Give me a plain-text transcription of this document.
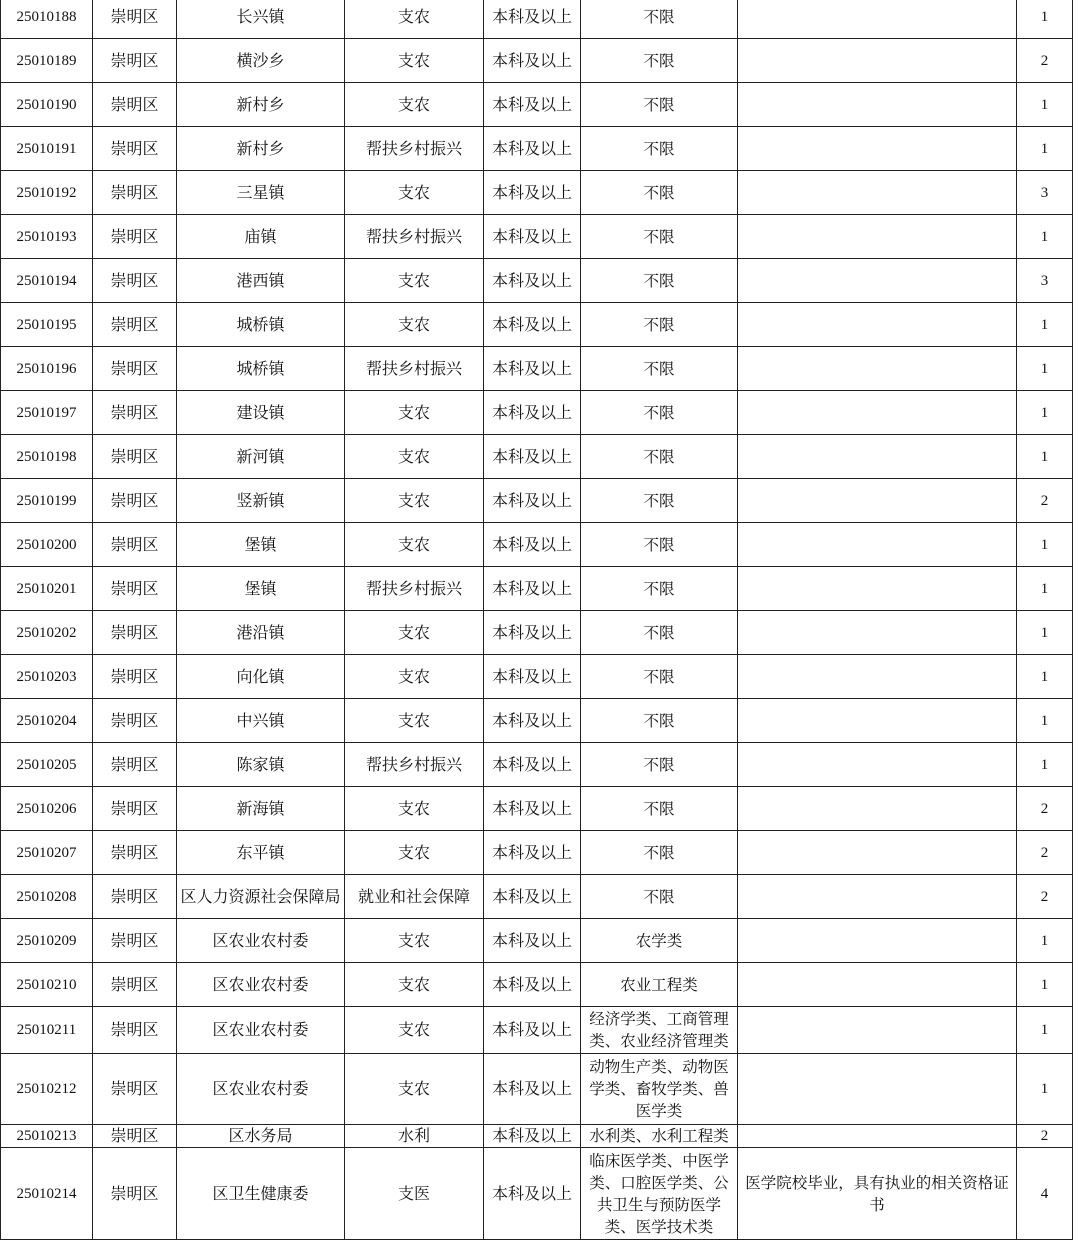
25010188	崇明区	长兴镇	支农	本科及以上	不限		1
25010189	崇明区	横沙乡	支农	本科及以上	不限		2
25010190	崇明区	新村乡	支农	本科及以上	不限		1
25010191	崇明区	新村乡	帮扶乡村振兴	本科及以上	不限		1
25010192	崇明区	三星镇	支农	本科及以上	不限		3
25010193	崇明区	庙镇	帮扶乡村振兴	本科及以上	不限		1
25010194	崇明区	港西镇	支农	本科及以上	不限		3
25010195	崇明区	城桥镇	支农	本科及以上	不限		1
25010196	崇明区	城桥镇	帮扶乡村振兴	本科及以上	不限		1
25010197	崇明区	建设镇	支农	本科及以上	不限		1
25010198	崇明区	新河镇	支农	本科及以上	不限		1
25010199	崇明区	竖新镇	支农	本科及以上	不限		2
25010200	崇明区	堡镇	支农	本科及以上	不限		1
25010201	崇明区	堡镇	帮扶乡村振兴	本科及以上	不限		1
25010202	崇明区	港沿镇	支农	本科及以上	不限		1
25010203	崇明区	向化镇	支农	本科及以上	不限		1
25010204	崇明区	中兴镇	支农	本科及以上	不限		1
25010205	崇明区	陈家镇	帮扶乡村振兴	本科及以上	不限		1
25010206	崇明区	新海镇	支农	本科及以上	不限		2
25010207	崇明区	东平镇	支农	本科及以上	不限		2
25010208	崇明区	区人力资源社会保障局	就业和社会保障	本科及以上	不限		2
25010209	崇明区	区农业农村委	支农	本科及以上	农学类		1
25010210	崇明区	区农业农村委	支农	本科及以上	农业工程类		1
25010211	崇明区	区农业农村委	支农	本科及以上	经济学类、工商管理类、农业经济管理类		1
25010212	崇明区	区农业农村委	支农	本科及以上	动物生产类、动物医学类、畜牧学类、兽医学类		1
25010213	崇明区	区水务局	水利	本科及以上	水利类、水利工程类		2
25010214	崇明区	区卫生健康委	支医	本科及以上	临床医学类、中医学类、口腔医学类、公共卫生与预防医学类、医学技术类	医学院校毕业，具有执业的相关资格证书	4
